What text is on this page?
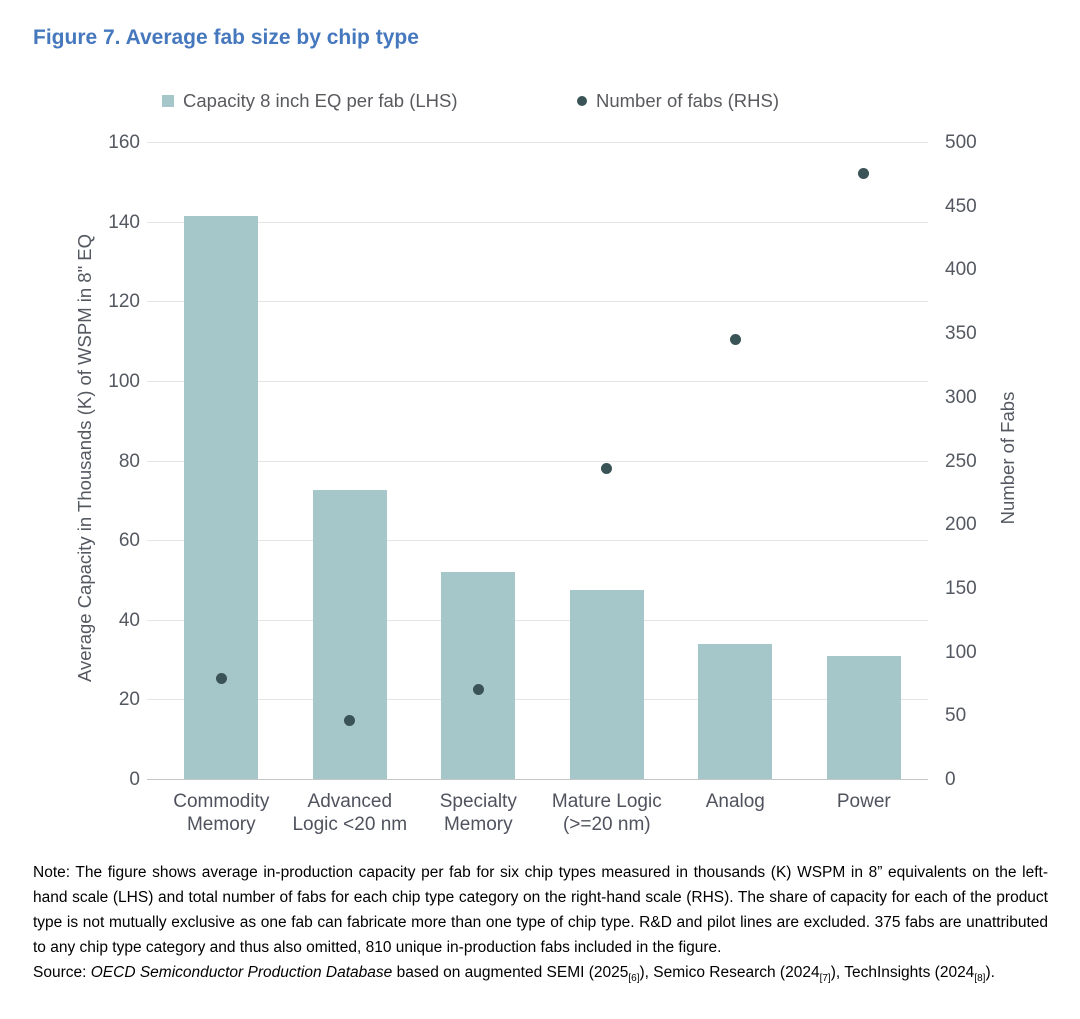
Figure 7. Average fab size by chip type
Capacity 8 inch EQ per fab (LHS)	Number of fabs (RHS)
Average Capacity in Thousands (K) of WSPM in 8" EQ	Number of Fabs
0
20
40
60
80
100
120
140
160
0
50
100
150
200
250
300
350
400
450
500
Commodity
Memory
Advanced
Logic <20 nm
Specialty
Memory
Mature Logic
(>=20 nm)
Analog	Power
Note: The figure shows average in-production capacity per fab for six chip types measured in thousands (K) WSPM in 8” equivalents on the left-hand scale (LHS) and total number of fabs for each chip type category on the right-hand scale (RHS). The share of capacity for each of the product type is not mutually exclusive as one fab can fabricate more than one type of chip type. R&D and pilot lines are excluded. 375 fabs are unattributed to any chip type category and thus also omitted, 810 unique in-production fabs included in the figure.
Source: OECD Semiconductor Production Database based on augmented SEMI $(2025_{[6]})$, Semico Research $(2024_{[7]})$, TechInsights $(2024_{[8]})$.
